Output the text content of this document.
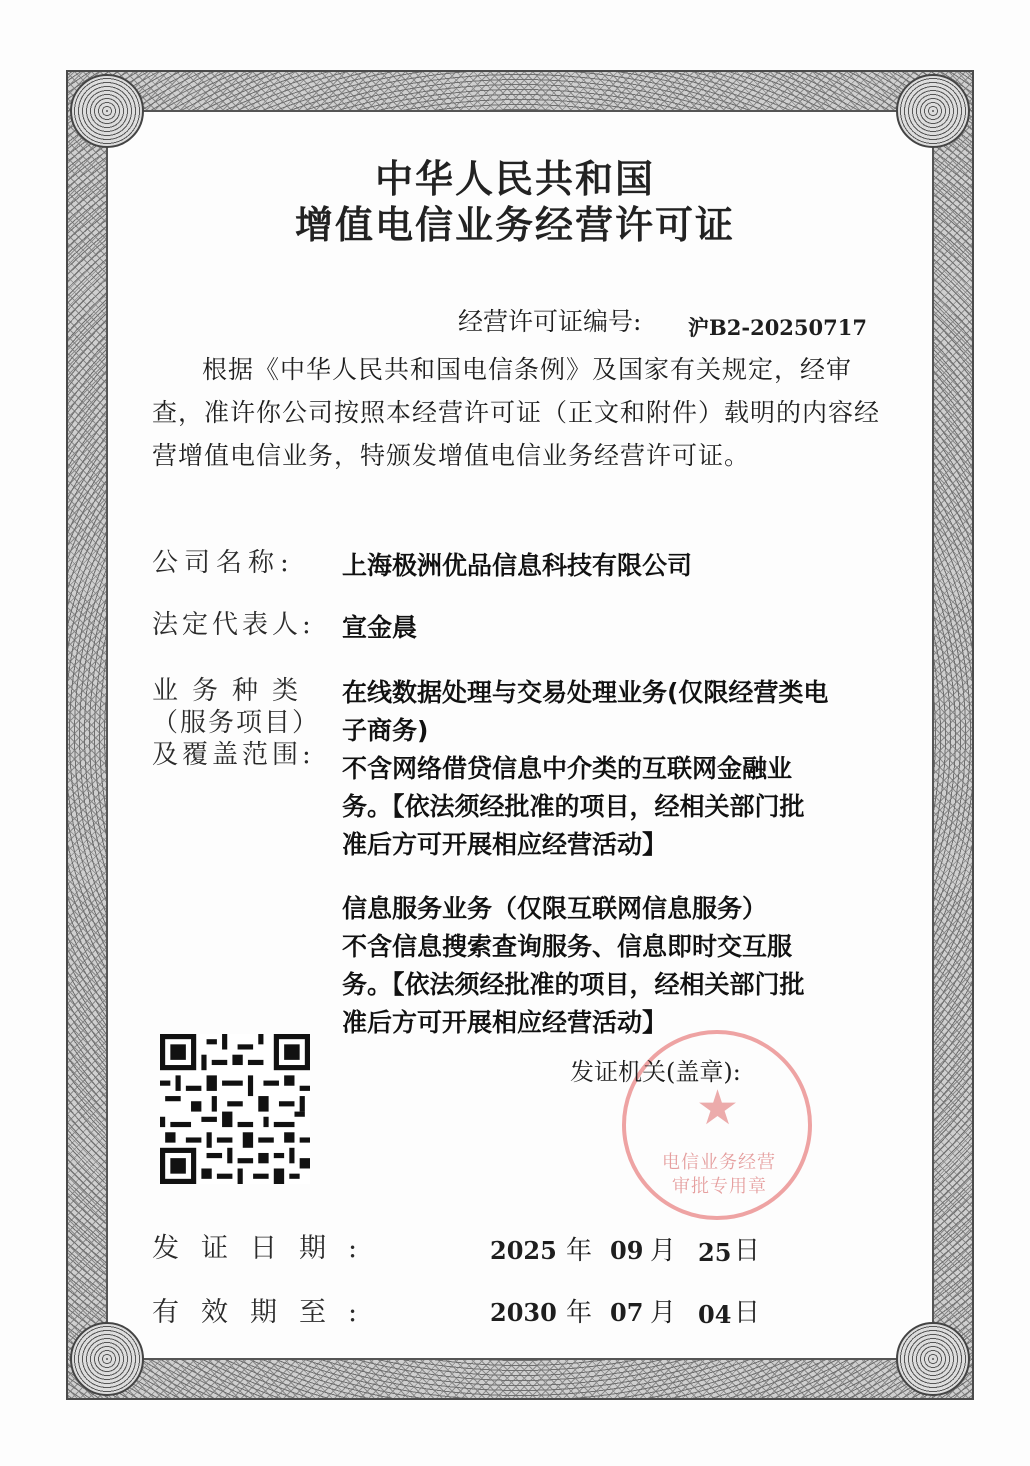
中华人民共和国
增值电信业务经营许可证
经营许可证编号: 沪B2-20250717
根据《中华人民共和国电信条例》及国家有关规定，经审查，准许你公司按照本经营许可证（正文和附件）载明的内容经营增值电信业务，特颁发增值电信业务经营许可证。
公司名称: 上海极洲优品信息科技有限公司
法定代表人: 宣金晨
业务种类
（服务项目）
及覆盖范围:

在线数据处理与交易处理业务(仅限经营类电

子商务)

不含网络借贷信息中介类的互联网金融业

务。【依法须经批准的项目，经相关部门批

准后方可开展相应经营活动】

信息服务业务（仅限互联网信息服务）

不含信息搜索查询服务、信息即时交互服

务。【依法须经批准的项目，经相关部门批

准后方可开展相应经营活动】

★
电信业务经营
审批专用章
发证机关(盖章):
发证日期:	2025 年 09 月 25 日
有效期至:	2030 年 07 月 04 日
